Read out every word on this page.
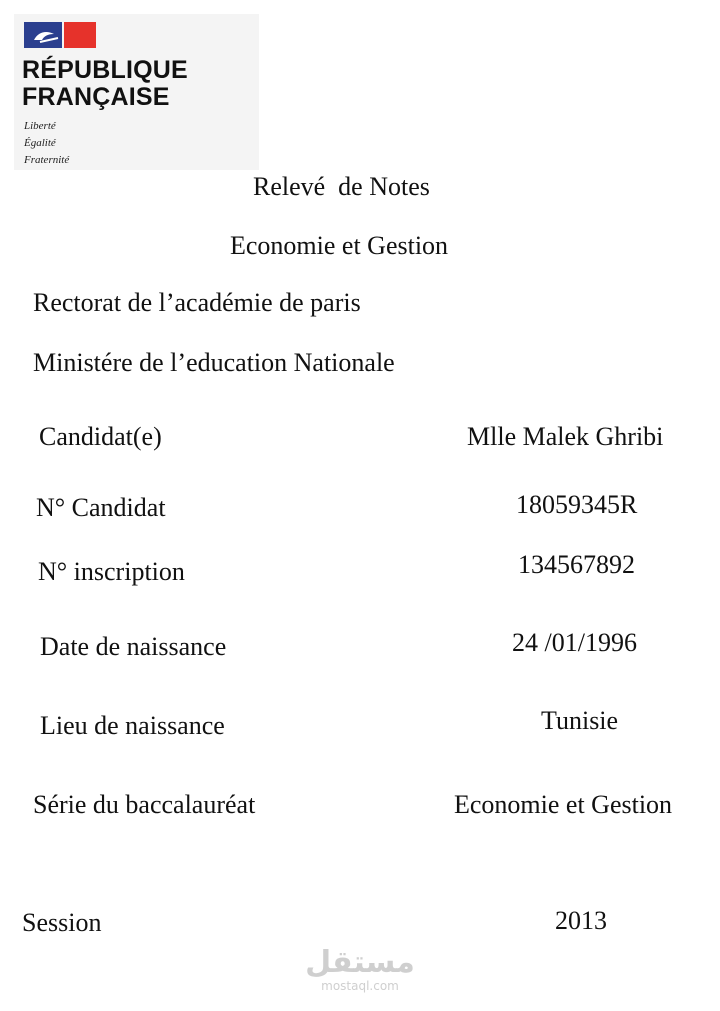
RÉPUBLIQUE
FRANÇAISE
Liberté
Égalité
Fraternité
Relevé  de Notes
Economie et Gestion
Rectorat de l’académie de paris
Ministére de l’education Nationale
Candidat(e)	Mlle Malek Ghribi
N° Candidat	18059345R
N° inscription	134567892
Date de naissance	24 /01/1996
Lieu de naissance	Tunisie
Série du baccalauréat	Economie et Gestion
Session	2013
مستقل
mostaql.com
